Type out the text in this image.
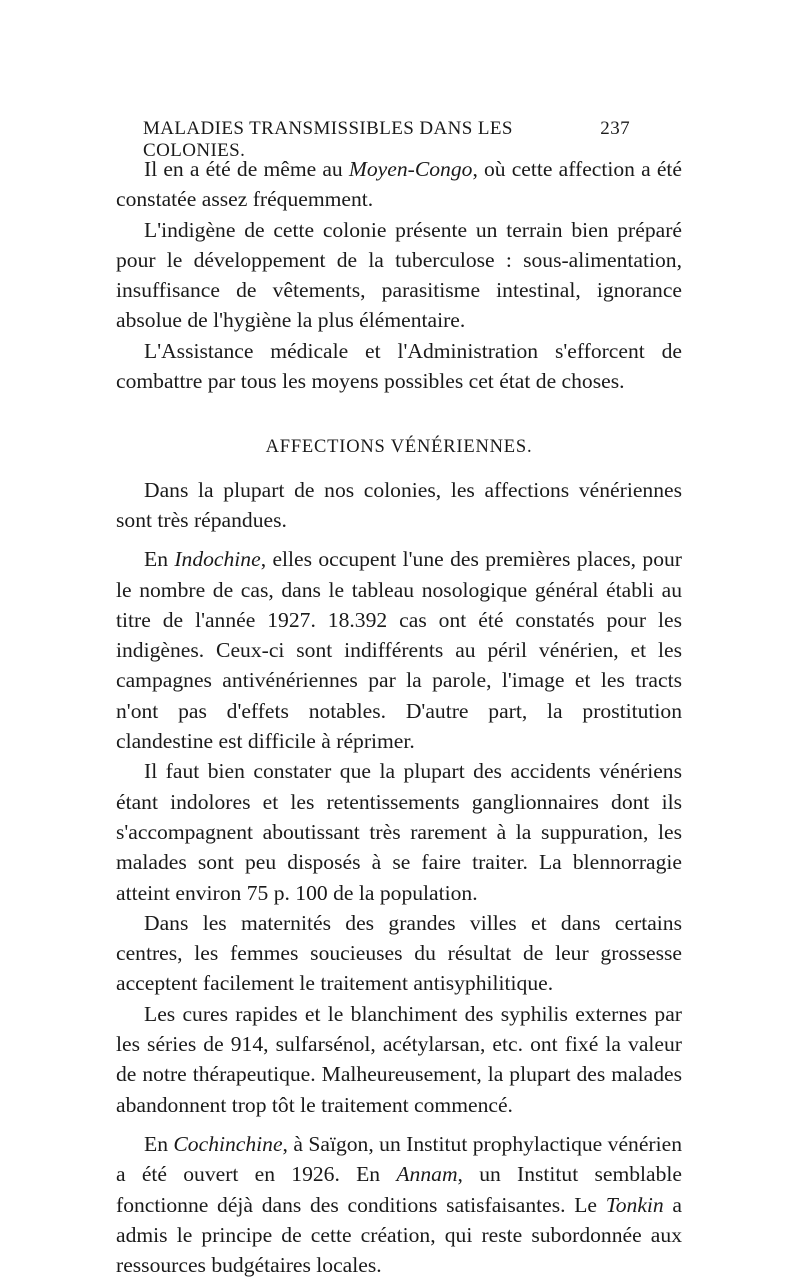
MALADIES TRANSMISSIBLES DANS LES COLONIES.
237

Il en a été de même au Moyen-Congo, où cette affection a été constatée assez fréquemment.

L'indigène de cette colonie présente un terrain bien préparé pour le développement de la tuberculose : sous-alimentation, insuffisance de vêtements, parasitisme intestinal, ignorance absolue de l'hygiène la plus élémentaire.

L'Assistance médicale et l'Administration s'efforcent de combattre par tous les moyens possibles cet état de choses.

AFFECTIONS VÉNÉRIENNES.

Dans la plupart de nos colonies, les affections vénériennes sont très répandues.

En Indochine, elles occupent l'une des premières places, pour le nombre de cas, dans le tableau nosologique général établi au titre de l'année 1927. 18.392 cas ont été constatés pour les indigènes. Ceux-ci sont indifférents au péril vénérien, et les campagnes antivénériennes par la parole, l'image et les tracts n'ont pas d'effets notables. D'autre part, la prostitution clandestine est difficile à réprimer.

Il faut bien constater que la plupart des accidents vénériens étant indolores et les retentissements ganglionnaires dont ils s'accompagnent aboutissant très rarement à la suppuration, les malades sont peu disposés à se faire traiter. La blennorragie atteint environ 75 p. 100 de la population.

Dans les maternités des grandes villes et dans certains centres, les femmes soucieuses du résultat de leur grossesse acceptent facilement le traitement antisyphilitique.

Les cures rapides et le blanchiment des syphilis externes par les séries de 914, sulfarsénol, acétylarsan, etc. ont fixé la valeur de notre thérapeutique. Malheureusement, la plupart des malades abandonnent trop tôt le traitement commencé.

En Cochinchine, à Saïgon, un Institut prophylactique vénérien a été ouvert en 1926. En Annam, un Institut semblable fonctionne déjà dans des conditions satisfaisantes. Le Tonkin a admis le principe de cette création, qui reste subordonnée aux ressources budgétaires locales.
